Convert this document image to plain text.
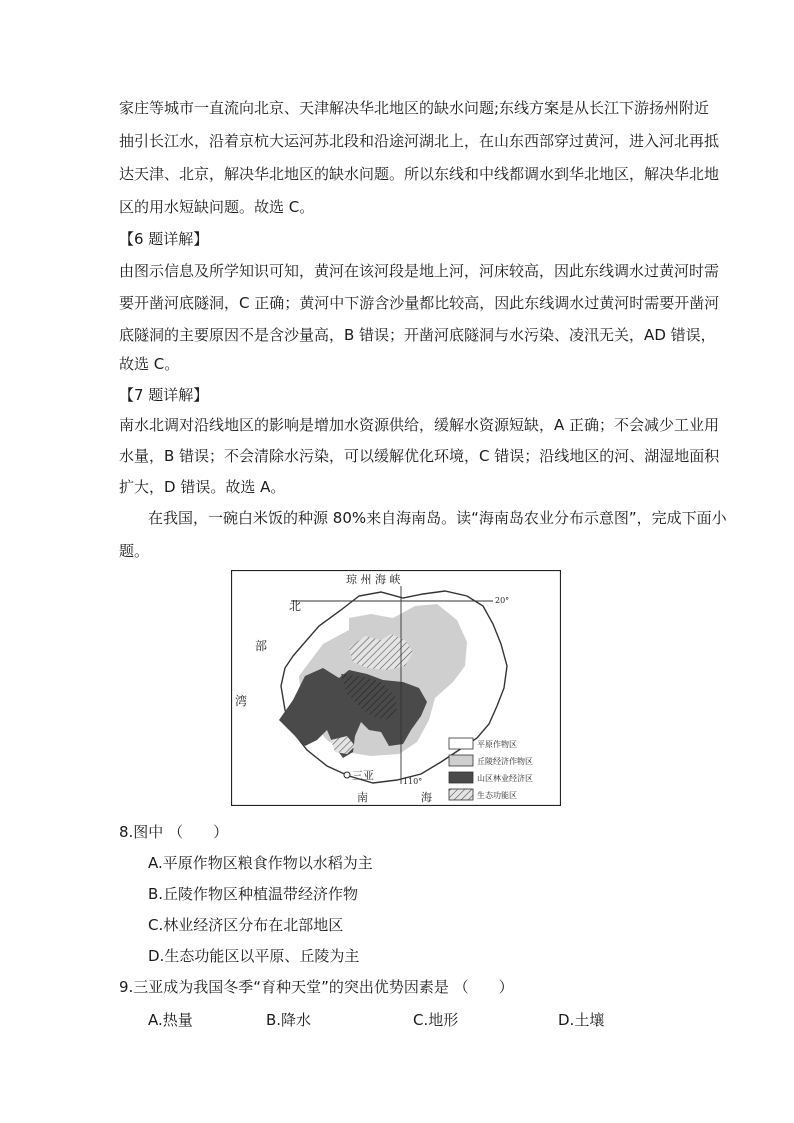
家庄等城市一直流向北京、天津解决华北地区的缺水问题;东线方案是从长江下游扬州附近
抽引长江水，沿着京杭大运河苏北段和沿途河湖北上，在山东西部穿过黄河，进入河北再抵
达天津、北京，解决华北地区的缺水问题。所以东线和中线都调水到华北地区，解决华北地
区的用水短缺问题。故选 C。
【6 题详解】
由图示信息及所学知识可知，黄河在该河段是地上河，河床较高，因此东线调水过黄河时需
要开凿河底隧洞，C 正确；黄河中下游含沙量都比较高，因此东线调水过黄河时需要开凿河
底隧洞的主要原因不是含沙量高，B 错误；开凿河底隧洞与水污染、凌汛无关，AD 错误，
故选 C。
【7 题详解】
南水北调对沿线地区的影响是增加水资源供给，缓解水资源短缺，A 正确；不会减少工业用
水量，B 错误；不会清除水污染，可以缓解优化环境，C 错误；沿线地区的河、湖湿地面积
扩大，D 错误。故选 A。
在我国，一碗白米饭的种源 80%来自海南岛。读“海南岛农业分布示意图”，完成下面小
题。
琼 州 海 峡
20°
110°
北
部
湾
南	海
三亚
平原作物区
丘陵经济作物区
山区林业经济区
生态功能区
8.图中 （　　）
A.平原作物区粮食作物以水稻为主
B.丘陵作物区种植温带经济作物
C.林业经济区分布在北部地区
D.生态功能区以平原、丘陵为主
9.三亚成为我国冬季“育种天堂”的突出优势因素是 （　　）
A.热量	B.降水	C.地形	D.土壤
